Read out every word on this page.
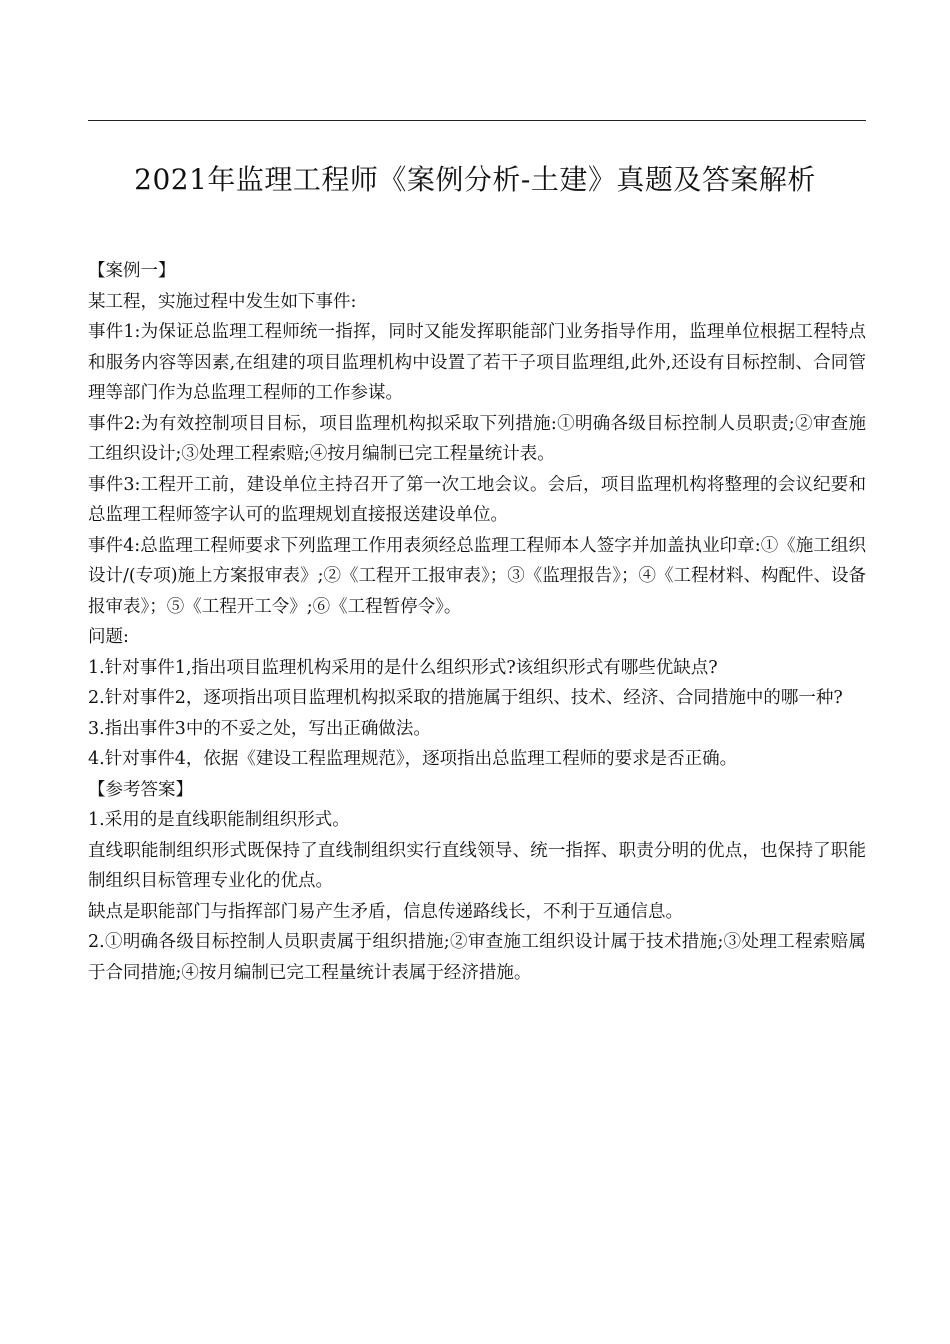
2021年监理工程师《案例分析-土建》真题及答案解析

【案例一】

某工程，实施过程中发生如下事件:

事件1:为保证总监理工程师统一指挥，同时又能发挥职能部门业务指导作用，监理单位根据工程特点和服务内容等因素,在组建的项目监理机构中设置了若干子项目监理组,此外,还设有目标控制、合同管理等部门作为总监理工程师的工作参谋。

事件2:为有效控制项目目标，项目监理机构拟采取下列措施:①明确各级目标控制人员职责;②审查施工组织设计;③处理工程索赔;④按月编制已完工程量统计表。

事件3:工程开工前，建设单位主持召开了第一次工地会议。会后，项目监理机构将整理的会议纪要和总监理工程师签字认可的监理规划直接报送建设单位。

事件4:总监理工程师要求下列监理工作用表须经总监理工程师本人签字并加盖执业印章:①《施工组织设计/(专项)施上方案报审表》;②《工程开工报审表》；③《监理报告》；④《工程材料、构配件、设备报审表》；⑤《工程开工令》;⑥《工程暂停令》。

问题:

1.针对事件1,指出项目监理机构采用的是什么组织形式?该组织形式有哪些优缺点?

2.针对事件2，逐项指出项目监理机构拟采取的措施属于组织、技术、经济、合同措施中的哪一种?

3.指出事件3中的不妥之处，写出正确做法。

4.针对事件4，依据《建设工程监理规范》，逐项指出总监理工程师的要求是否正确。

【参考答案】

1.采用的是直线职能制组织形式。

直线职能制组织形式既保持了直线制组织实行直线领导、统一指挥、职责分明的优点，也保持了职能制组织目标管理专业化的优点。

缺点是职能部门与指挥部门易产生矛盾，信息传递路线长，不利于互通信息。

2.①明确各级目标控制人员职责属于组织措施;②审查施工组织设计属于技术措施;③处理工程索赔属于合同措施;④按月编制已完工程量统计表属于经济措施。
